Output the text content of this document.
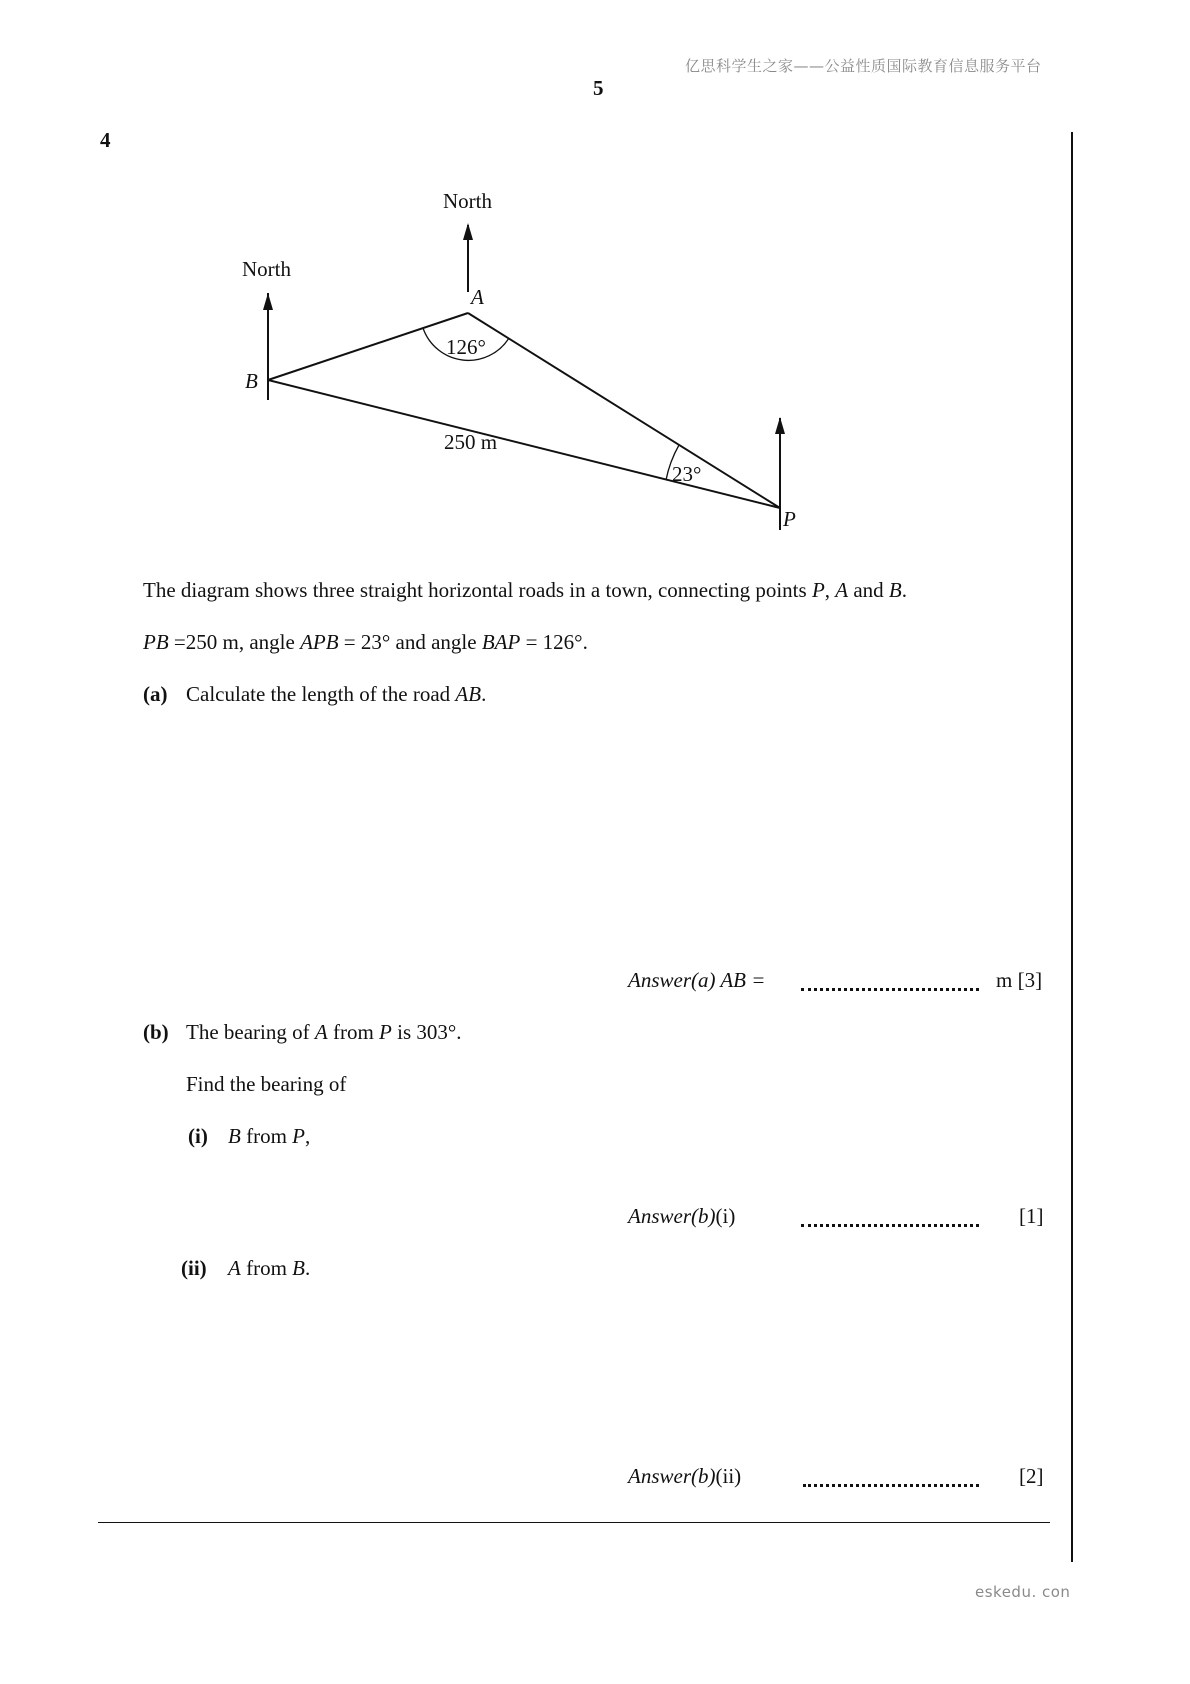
亿思科学生之家——公益性质国际教育信息服务平台
5
eskedu. con
4
North
North
A
B
P
126°
23°
250 m
The diagram shows three straight horizontal roads in a town, connecting points P, A and B.
PB =250 m, angle APB = 23° and angle BAP = 126°.
(a) Calculate the length of the road AB.
Answer(a) AB =	m [3]
(b) The bearing of A from P is 303°.
Find the bearing of
(i) B from P,
Answer(b)(i)	[1]
(ii) A from B.
Answer(b)(ii)	[2]
